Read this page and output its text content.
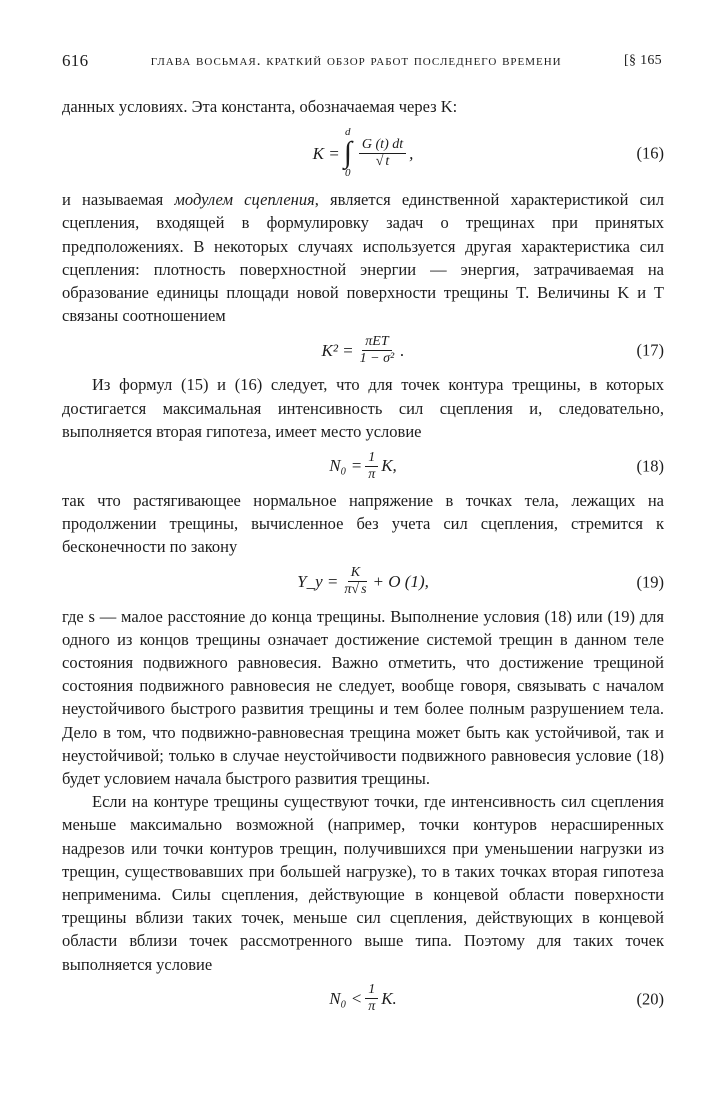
616	глава восьмая. краткий обзор работ последнего времени	[§ 165

данных условиях. Эта константа, обозначаемая через K:

K =
d
∫
0
$\frac{G (t) dt}{√ t}$ ,	(16)

и называемая модулем сцепления, является единственной характеристикой сил сцепления, входящей в формулировку задач о трещинах при принятых предположениях. В некоторых случаях используется другая характеристика сил сцепления: плотность поверхностной энергии — энергия, затрачиваемая на образование единицы площади новой поверхности трещины T. Величины K и T связаны соотношением

$K^2 = \frac{\text{πET}}{\text{1 − σ²}}$ .	(17)

Из формул (15) и (16) следует, что для точек контура трещины, в которых достигается максимальная интенсивность сил сцепления и, следовательно, выполняется вторая гипотеза, имеет место условие

$N_0 = \frac{1}{\pi} K$,	(18)

так что растягивающее нормальное напряжение в точках тела, лежащих на продолжении трещины, вычисленное без учета сил сцепления, стремится к бесконечности по закону

Y_y = $\frac{K}{\pi√ s} + O$ (1),	(19)

где s — малое расстояние до конца трещины. Выполнение условия (18) или (19) для одного из концов трещины означает достижение системой трещин в данном теле состояния подвижного равновесия. Важно отметить, что достижение трещиной состояния подвижного равновесия не следует, вообще говоря, связывать с началом неустойчивого быстрого развития трещины и тем более полным разрушением тела. Дело в том, что подвижно-равновесная трещина может быть как устойчивой, так и неустойчивой; только в случае неустойчивости подвижного равновесия условие (18) будет условием начала быстрого развития трещины.

Если на контуре трещины существуют точки, где интенсивность сил сцепления меньше максимально возможной (например, точки контуров нерасширенных надрезов или точки контуров трещин, получившихся при уменьшении нагрузки из трещин, существовавших при большей нагрузке), то в таких точках вторая гипотеза неприменима. Силы сцепления, действующие в концевой области поверхности трещины вблизи таких точек, меньше сил сцепления, действующих в концевой области вблизи точек рассмотренного выше типа. Поэтому для таких точек выполняется условие

$N_0 < \frac{1}{\pi} K$.	(20)
